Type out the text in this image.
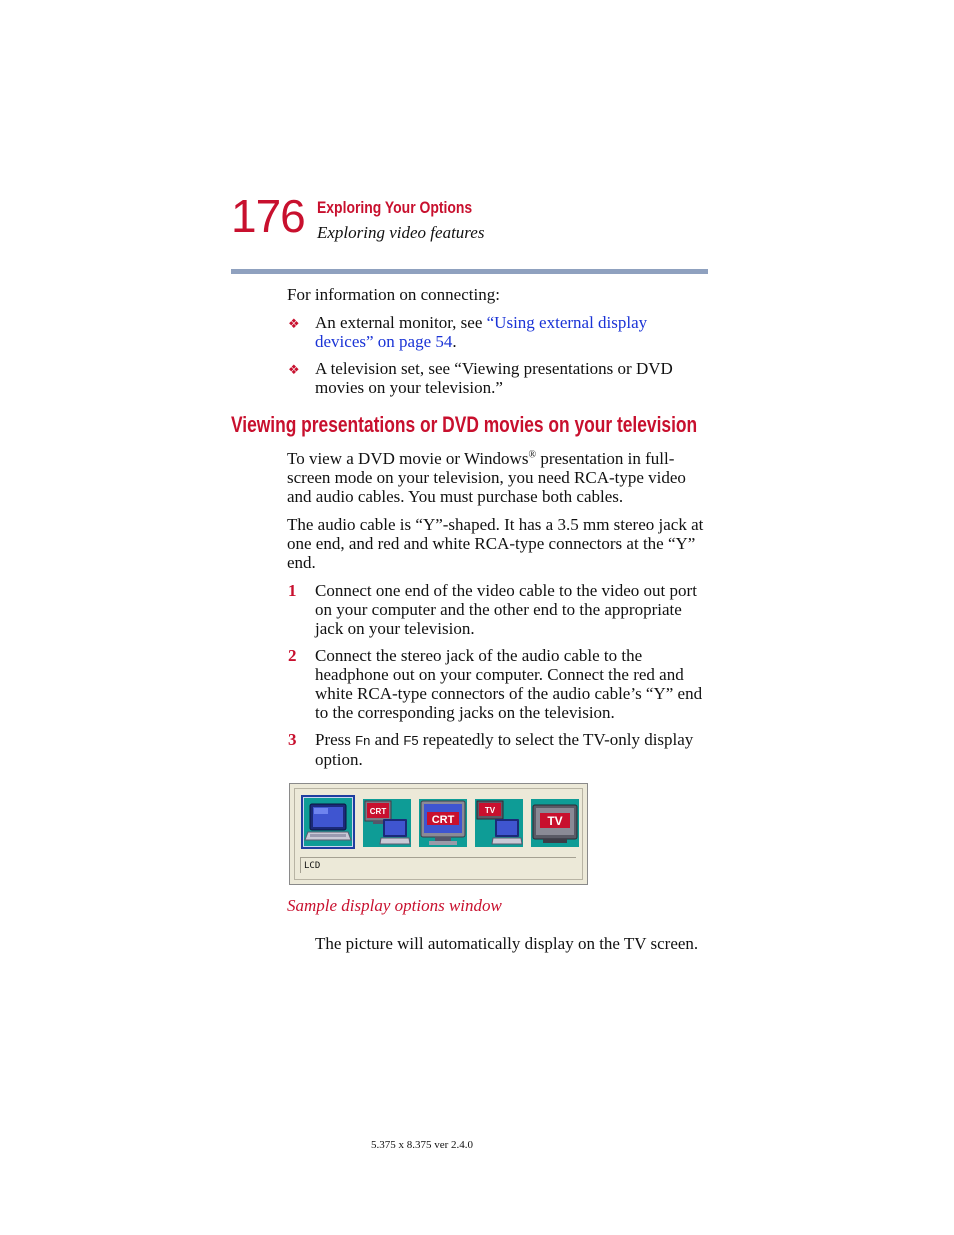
176 Exploring Your Options
Exploring video features
For information on connecting:
❖ An external monitor, see “Using external display
devices” on page 54.
❖ A television set, see “Viewing presentations or DVD
movies on your television.”
Viewing presentations or DVD movies on your television
To view a DVD movie or Windows® presentation in full-
screen mode on your television, you need RCA-type video
and audio cables. You must purchase both cables.
The audio cable is “Y”-shaped. It has a 3.5 mm stereo jack at
one end, and red and white RCA-type connectors at the “Y”
end.
1 Connect one end of the video cable to the video out port
on your computer and the other end to the appropriate
jack on your television.
2 Connect the stereo jack of the audio cable to the
headphone out on your computer. Connect the red and
white RCA-type connectors of the audio cable’s “Y” end
to the corresponding jacks on the television.
3 Press Fn and F5 repeatedly to select the TV-only display
option.
CRT
CRT
TV
TV
LCD
Sample display options window
The picture will automatically display on the TV screen.
5.375 x 8.375 ver 2.4.0
